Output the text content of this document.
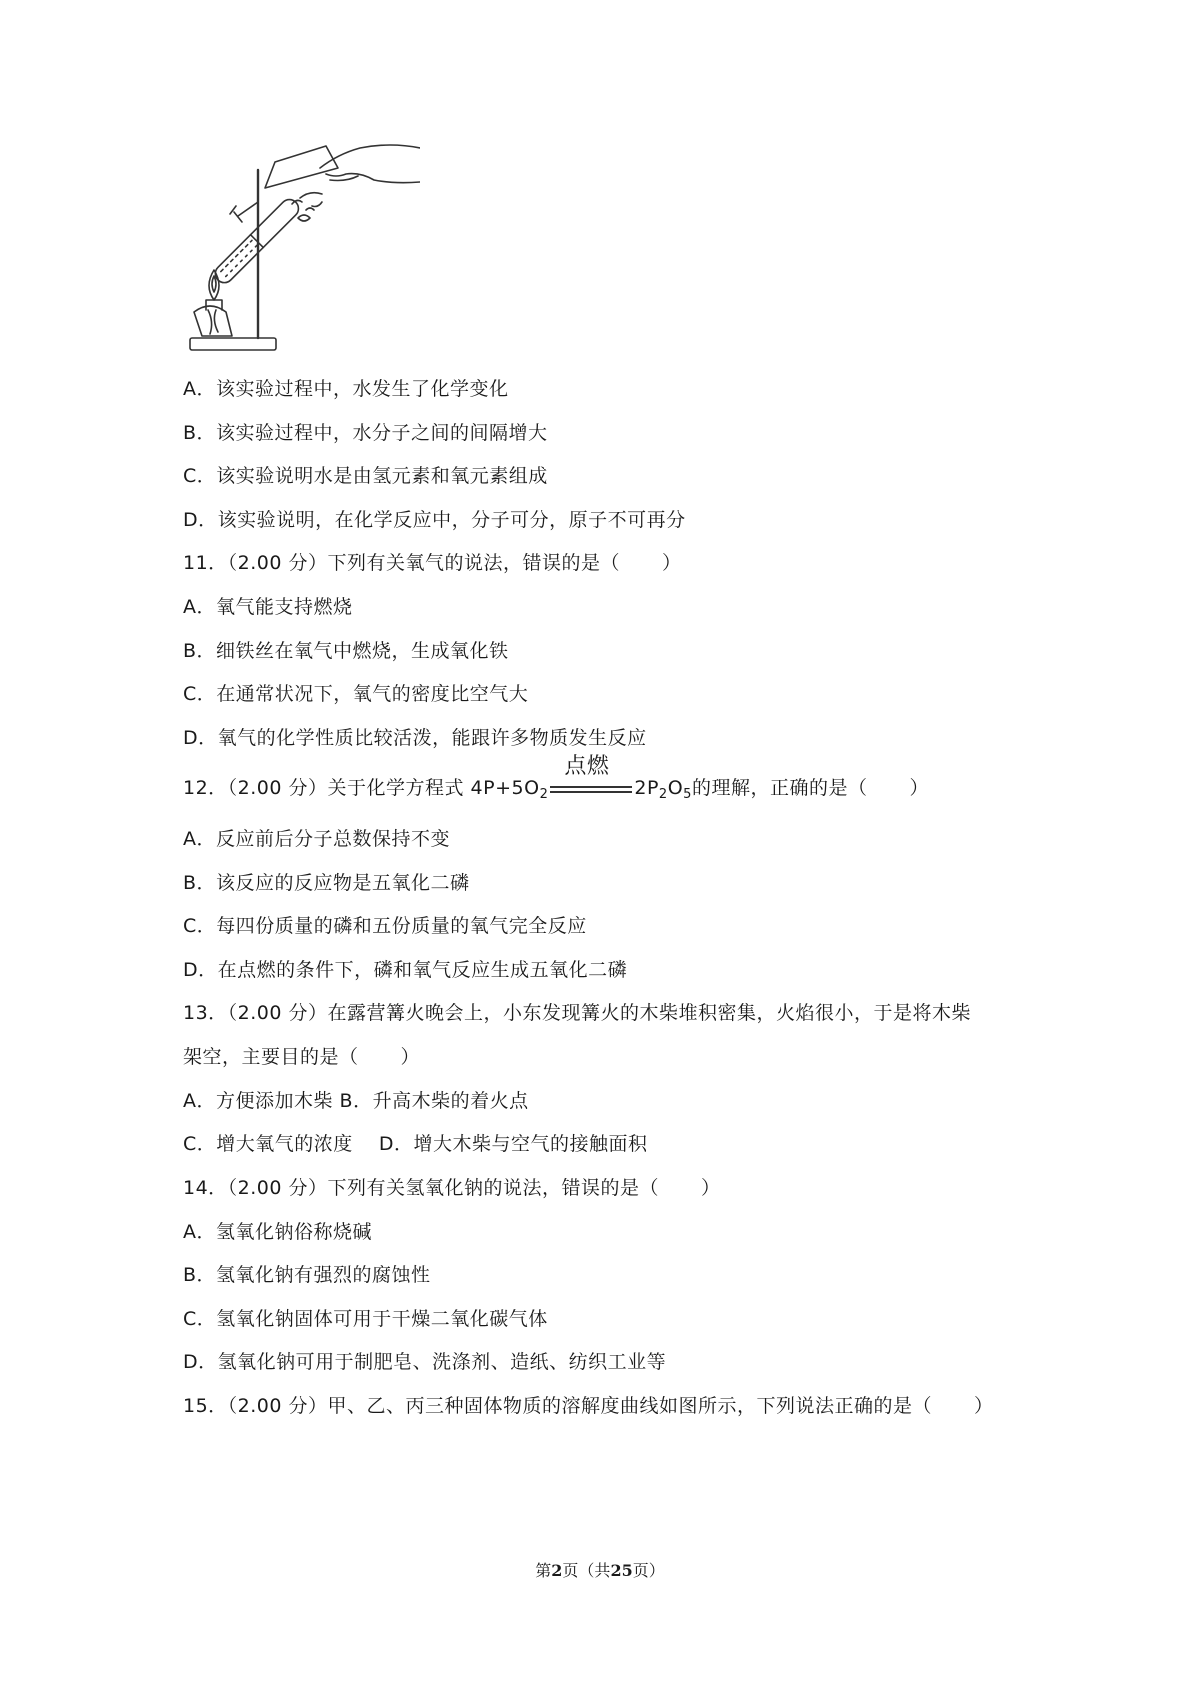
A．该实验过程中，水发生了化学变化
B．该实验过程中，水分子之间的间隔增大
C．该实验说明水是由氢元素和氧元素组成
D．该实验说明，在化学反应中，分子可分，原子不可再分
11．（2.00 分）下列有关氧气的说法，错误的是（ ）
A．氧气能支持燃烧
B．细铁丝在氧气中燃烧，生成氧化铁
C．在通常状况下，氧气的密度比空气大
D．氧气的化学性质比较活泼，能跟许多物质发生反应
12．（2.00 分）关于化学方程式 $4P+5O_2$
点燃
$2P_2O_5$的理解，正确的是（ ）
A．反应前后分子总数保持不变
B．该反应的反应物是五氧化二磷
C．每四份质量的磷和五份质量的氧气完全反应
D．在点燃的条件下，磷和氧气反应生成五氧化二磷
13．（2.00 分）在露营篝火晚会上，小东发现篝火的木柴堆积密集，火焰很小，于是将木柴
架空，主要目的是（ ）
A．方便添加木柴 B．升高木柴的着火点
C．增大氧气的浓度    D．增大木柴与空气的接触面积
14．（2.00 分）下列有关氢氧化钠的说法，错误的是（ ）
A．氢氧化钠俗称烧碱
B．氢氧化钠有强烈的腐蚀性
C．氢氧化钠固体可用于干燥二氧化碳气体
D．氢氧化钠可用于制肥皂、洗涤剂、造纸、纺织工业等
15．（2.00 分）甲、乙、丙三种固体物质的溶解度曲线如图所示，下列说法正确的是（ ）
第2页（共25页）
